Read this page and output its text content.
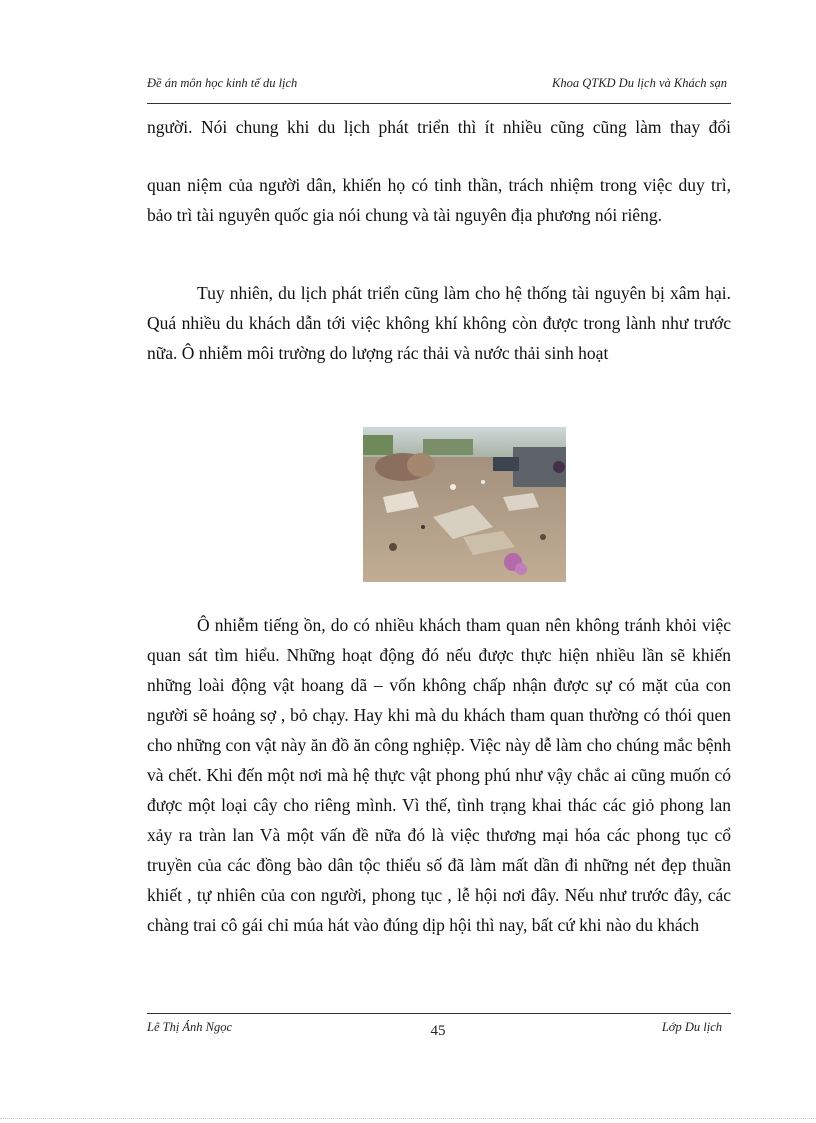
Đề án môn học kinh tế du lịch	Khoa QTKD Du lịch và Khách sạn
người. Nói chung khi du lịch phát triển thì ít nhiều cũng cũng làm thay đổi
quan niệm của người dân, khiến họ có tinh thần, trách nhiệm trong việc duy trì, bảo trì tài nguyên quốc gia nói chung và tài nguyên địa phương nói riêng.
Tuy nhiên, du lịch phát triển cũng làm cho hệ thống tài nguyên bị xâm hại. Quá nhiều du khách dẫn tới việc không khí không còn được trong lành như trước nữa. Ô nhiễm môi trường do lượng rác thải và nước thải sinh hoạt
Ô nhiễm tiếng ồn, do có nhiều khách tham quan nên không tránh khỏi việc quan sát tìm hiểu. Những hoạt động đó nếu được thực hiện nhiều lần sẽ khiến những loài động vật hoang dã – vốn không chấp nhận được sự có mặt của con người sẽ hoảng sợ , bỏ chạy. Hay khi mà du khách tham quan thường có thói quen cho những con vật này ăn đồ ăn công nghiệp. Việc này dễ làm cho chúng mắc bệnh và chết. Khi đến một nơi mà hệ thực vật phong phú như vậy chắc ai cũng muốn có được một loại cây cho riêng mình. Vì thế, tình trạng khai thác các giỏ phong lan xảy ra tràn lan Và một vấn đề nữa đó là việc thương mại hóa các phong tục cổ truyền của các đồng bào dân tộc thiểu số đã làm mất dần đi những nét đẹp thuần khiết , tự nhiên của con người, phong tục , lễ hội nơi đây. Nếu như trước đây, các chàng trai cô gái chỉ múa hát vào đúng dịp hội thì nay, bất cứ khi nào du khách
Lê Thị Ánh Ngọc	45	Lớp Du lịch
